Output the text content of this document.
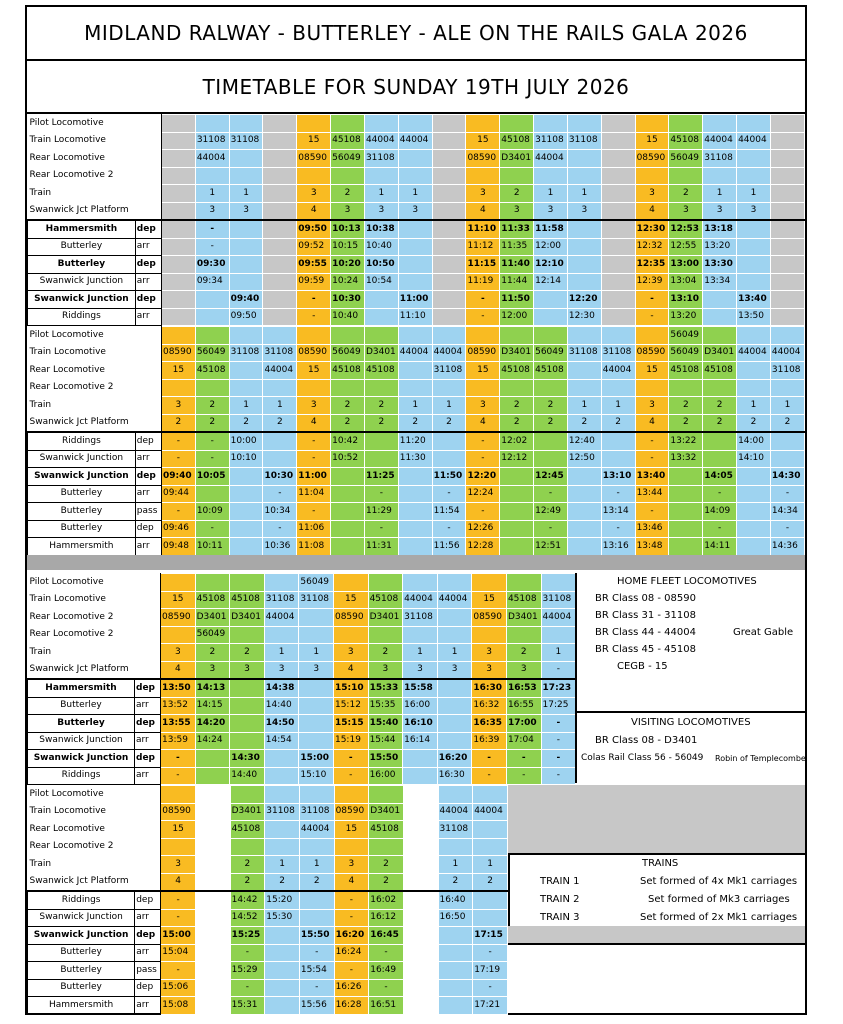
MIDLAND RALWAY - BUTTERLEY - ALE ON THE RAILS GALA 2026
TIMETABLE FOR SUNDAY 19TH JULY 2026
Pilot Locomotive																				
Train Locomotive			31108	31108		15	45108	44004	44004		15	45108	31108	31108		15	45108	44004	44004	
Rear Locomotive			44004			08590	56049	31108			08590	D3401	44004			08590	56049	31108		
Rear Locomotive 2																				
Train			1	1		3	2	1	1		3	2	1	1		3	2	1	1	
Swanwick Jct Platform			3	3		4	3	3	3		4	3	3	3		4	3	3	3	
Hammersmith	dep		-			09:50	10:13	10:38			11:10	11:33	11:58			12:30	12:53	13:18		
Butterley	arr		-			09:52	10:15	10:40			11:12	11:35	12:00			12:32	12:55	13:20		
Butterley	dep		09:30			09:55	10:20	10:50			11:15	11:40	12:10			12:35	13:00	13:30		
Swanwick Junction	arr		09:34			09:59	10:24	10:54			11:19	11:44	12:14			12:39	13:04	13:34		
Swanwick Junction	dep			09:40		-	10:30		11:00		-	11:50		12:20		-	13:10		13:40	
Riddings	arr			09:50		-	10:40		11:10		-	12:00		12:30		-	13:20		13:50	
Pilot Locomotive																	56049			
Train Locomotive		08590	56049	31108	31108	08590	56049	D3401	44004	44004	08590	D3401	56049	31108	31108	08590	56049	D3401	44004	44004
Rear Locomotive		15	45108		44004	15	45108	45108		31108	15	45108	45108		44004	15	45108	45108		31108
Rear Locomotive 2																				
Train		3	2	1	1	3	2	2	1	1	3	2	2	1	1	3	2	2	1	1
Swanwick Jct Platform		2	2	2	2	4	2	2	2	2	4	2	2	2	2	4	2	2	2	2
Riddings	dep	-	-	10:00		-	10:42		11:20		-	12:02		12:40		-	13:22		14:00	
Swanwick Junction	arr	-	-	10:10		-	10:52		11:30		-	12:12		12:50		-	13:32		14:10	
Swanwick Junction	dep	09:40	10:05		10:30	11:00		11:25		11:50	12:20		12:45		13:10	13:40		14:05		14:30
Butterley	arr	09:44			-	11:04		-		-	12:24		-		-	13:44		-		-
Butterley	pass	-	10:09		10:34	-		11:29		11:54	-		12:49		13:14	-		14:09		14:34
Butterley	dep	09:46	-		-	11:06		-		-	12:26		-		-	13:46		-		-
Hammersmith	arr	09:48	10:11		10:36	11:08		11:31		11:56	12:28		12:51		13:16	13:48		14:11		14:36
Pilot Locomotive						56049							
Train Locomotive		15	45108	45108	31108	31108	15	45108	44004	44004	15	45108	31108
Rear Locomotive 2		08590	D3401	D3401	44004		08590	D3401	31108		08590	D3401	44004
Rear Locomotive 2			56049										
Train		3	2	2	1	1	3	2	1	1	3	2	1
Swanwick Jct Platform		4	3	3	3	3	4	3	3	3	3	3	-
Hammersmith	dep	13:50	14:13		14:38		15:10	15:33	15:58		16:30	16:53	17:23
Butterley	arr	13:52	14:15		14:40		15:12	15:35	16:00		16:32	16:55	17:25
Butterley	dep	13:55	14:20		14:50		15:15	15:40	16:10		16:35	17:00	-
Swanwick Junction	arr	13:59	14:24		14:54		15:19	15:44	16:14		16:39	17:04	-
Swanwick Junction	dep	-		14:30		15:00	-	15:50		16:20	-	-	-
Riddings	arr	-		14:40		15:10	-	16:00		16:30	-	-	-
Pilot Locomotive											
Train Locomotive		08590		D3401	31108	31108	08590	D3401		44004	44004
Rear Locomotive		15		45108		44004	15	45108		31108	
Rear Locomotive 2											
Train		3		2	1	1	3	2		1	1
Swanwick Jct Platform		4		2	2	2	4	2		2	2
Riddings	dep	-		14:42	15:20		-	16:02		16:40	
Swanwick Junction	arr	-		14:52	15:30		-	16:12		16:50	
Swanwick Junction	dep	15:00		15:25		15:50	16:20	16:45			17:15
Butterley	arr	15:04		-		-	16:24	-			-
Butterley	pass	-		15:29		15:54	-	16:49			17:19
Butterley	dep	15:06		-		-	16:26	-			-
Hammersmith	arr	15:08		15:31		15:56	16:28	16:51			17:21
HOME FLEET LOCOMOTIVES
BR Class 08 - 08590
BR Class 31 - 31108
BR Class 44 - 44004	Great Gable
BR Class 45 - 45108
CEGB - 15
VISITING LOCOMOTIVES
BR Class 08 - D3401
Colas Rail Class 56 - 56049 Robin of Templecombe
TRAINS
TRAIN 1	Set formed of 4x Mk1 carriages
TRAIN 2	Set formed of Mk3 carriages
TRAIN 3	Set formed of 2x Mk1 carriages
